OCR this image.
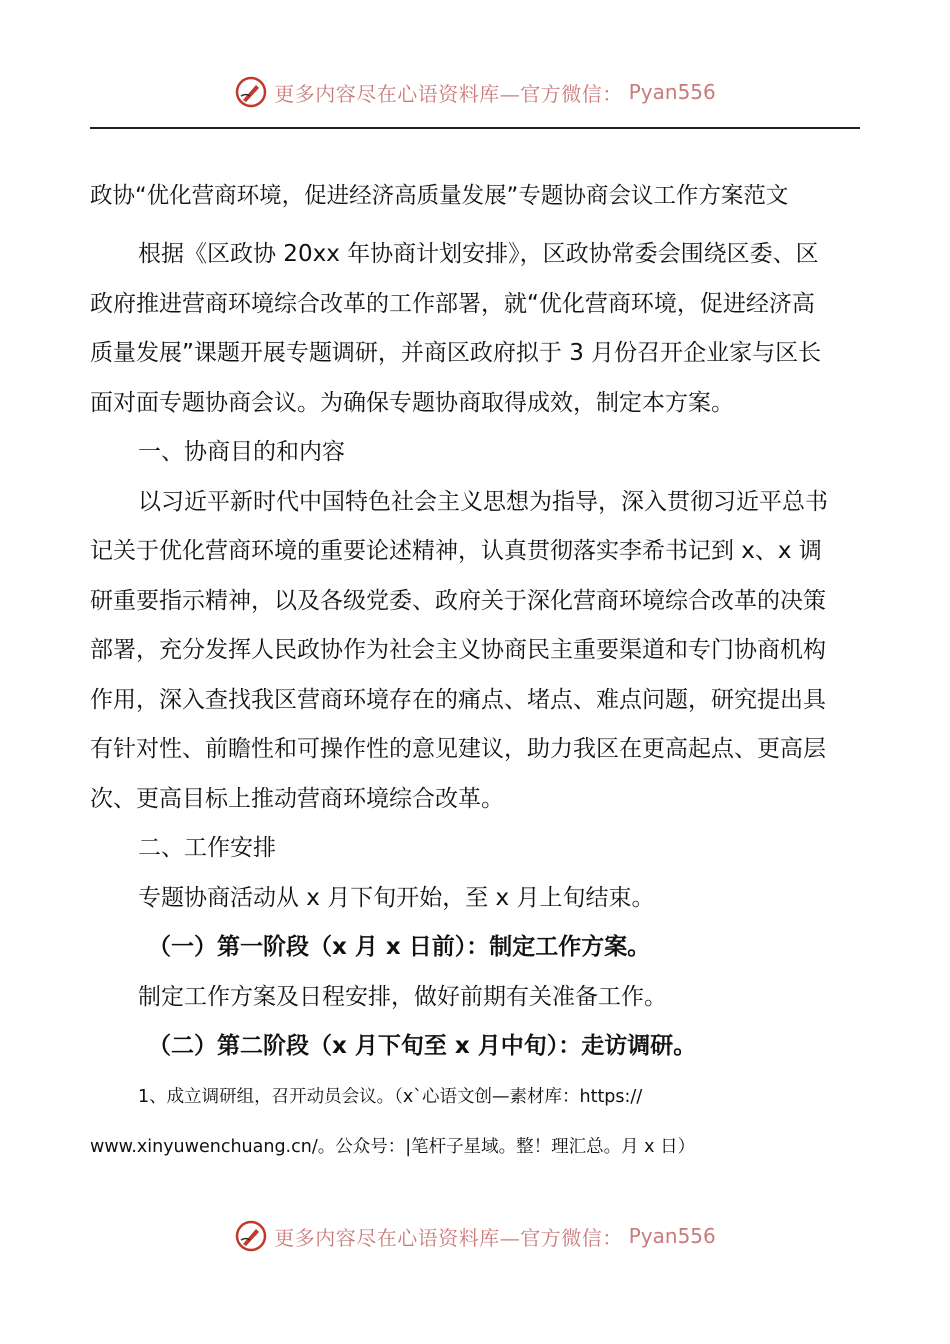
更多内容尽在心语资料库—官方微信： Pyan556
政协“优化营商环境，促进经济高质量发展”专题协商会议工作方案范文
根据《区政协 20xx 年协商计划安排》，区政协常委会围绕区委、区
政府推进营商环境综合改革的工作部署，就“优化营商环境，促进经济高
质量发展”课题开展专题调研，并商区政府拟于 3 月份召开企业家与区长
面对面专题协商会议。为确保专题协商取得成效，制定本方案。
一、协商目的和内容
以习近平新时代中国特色社会主义思想为指导，深入贯彻习近平总书
记关于优化营商环境的重要论述精神，认真贯彻落实李希书记到 x、x 调
研重要指示精神，以及各级党委、政府关于深化营商环境综合改革的决策
部署，充分发挥人民政协作为社会主义协商民主重要渠道和专门协商机构
作用，深入查找我区营商环境存在的痛点、堵点、难点问题，研究提出具
有针对性、前瞻性和可操作性的意见建议，助力我区在更高起点、更高层
次、更高目标上推动营商环境综合改革。
二、工作安排
专题协商活动从 x 月下旬开始，至 x 月上旬结束。
（一）第一阶段（x 月 x 日前）：制定工作方案。
制定工作方案及日程安排，做好前期有关准备工作。
（二）第二阶段（x 月下旬至 x 月中旬）：走访调研。
1、成立调研组，召开动员会议。（x`心语文创—素材库：https://
www.xinyuwenchuang.cn/。公众号：|笔杆子星域。整！理汇总。月 x 日）
更多内容尽在心语资料库—官方微信： Pyan556
